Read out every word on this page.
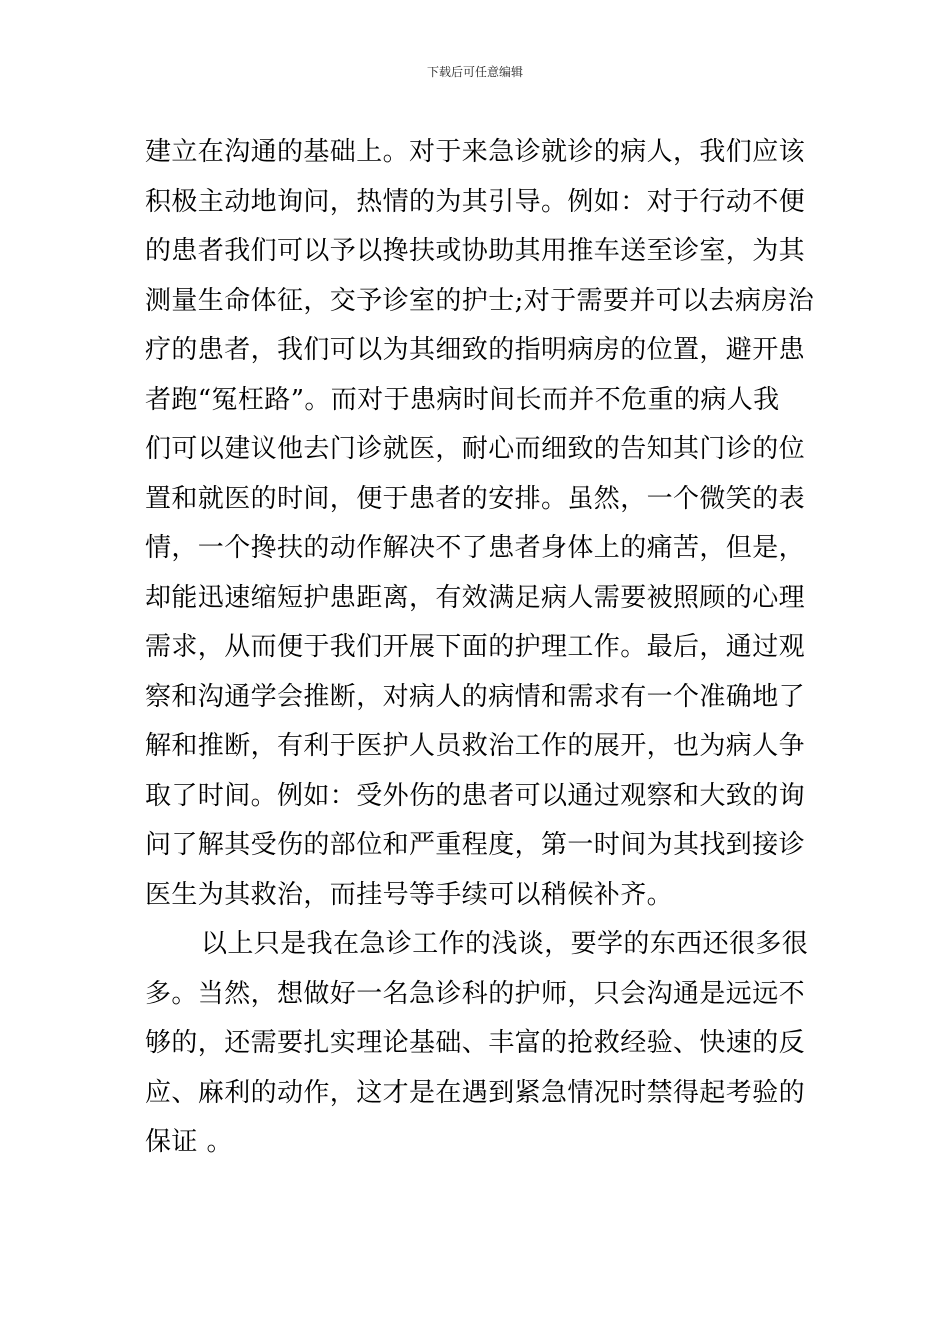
下载后可任意编辑
建立在沟通的基础上。对于来急诊就诊的病人，我们应该
积极主动地询问，热情的为其引导。例如：对于行动不便
的患者我们可以予以搀扶或协助其用推车送至诊室，为其
测量生命体征，交予诊室的护士;对于需要并可以去病房治
疗的患者，我们可以为其细致的指明病房的位置，避开患
者跑“冤枉路”。而对于患病时间长而并不危重的病人我
们可以建议他去门诊就医，耐心而细致的告知其门诊的位
置和就医的时间，便于患者的安排。虽然，一个微笑的表
情，一个搀扶的动作解决不了患者身体上的痛苦，但是，
却能迅速缩短护患距离，有效满足病人需要被照顾的心理
需求，从而便于我们开展下面的护理工作。最后，通过观
察和沟通学会推断，对病人的病情和需求有一个准确地了
解和推断，有利于医护人员救治工作的展开，也为病人争
取了时间。例如：受外伤的患者可以通过观察和大致的询
问了解其受伤的部位和严重程度，第一时间为其找到接诊
医生为其救治，而挂号等手续可以稍候补齐。
以上只是我在急诊工作的浅谈，要学的东西还很多很
多。当然，想做好一名急诊科的护师，只会沟通是远远不
够的，还需要扎实理论基础、丰富的抢救经验、快速的反
应、麻利的动作，这才是在遇到紧急情况时禁得起考验的
保证 。
